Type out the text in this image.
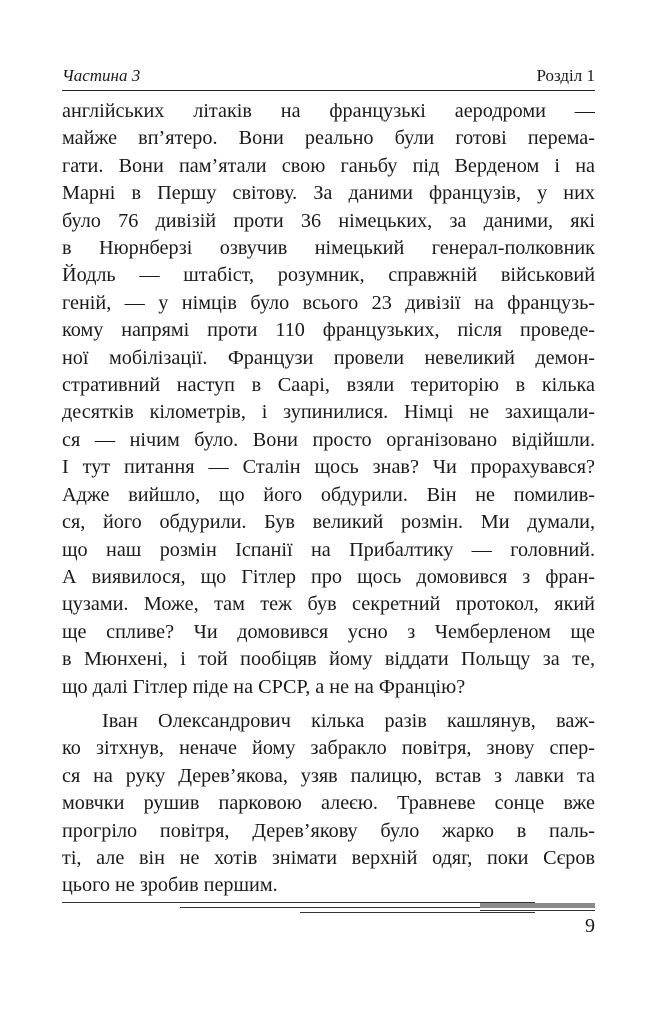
Частина 3	Розділ 1
англійських літаків на французькі аеродроми —
майже вп’ятеро. Вони реально були готові перема-
гати. Вони пам’ятали свою ганьбу під Верденом і на
Марні в Першу світову. За даними французів, у них
було 76 дивізій проти 36 німецьких, за даними, які
в Нюрнберзі озвучив німецький генерал-полковник
Йодль — штабіст, розумник, справжній військовий
геній, — у німців було всього 23 дивізії на французь-
кому напрямі проти 110 французьких, після проведе-
ної мобілізації. Французи провели невеликий демон-
стративний наступ в Саарі, взяли територію в кілька
десятків кілометрів, і зупинилися. Німці не захищали-
ся — нічим було. Вони просто організовано відійшли.
І тут питання — Сталін щось знав? Чи прорахувався?
Адже вийшло, що його обдурили. Він не помилив-
ся, його обдурили. Був великий розмін. Ми думали,
що наш розмін Іспанії на Прибалтику — головний.
А виявилося, що Гітлер про щось домовився з фран-
цузами. Може, там теж був секретний протокол, який
ще спливе? Чи домовився усно з Чемберленом ще
в Мюнхені, і той пообіцяв йому віддати Польщу за те,
що далі Гітлер піде на СРСР, а не на Францію?
Іван Олександрович кілька разів кашлянув, важ-
ко зітхнув, неначе йому забракло повітря, знову спер-
ся на руку Дерев’якова, узяв палицю, встав з лавки та
мовчки рушив парковою алеєю. Травневе сонце вже
прогріло повітря, Дерев’якову було жарко в паль-
ті, але він не хотів знімати верхній одяг, поки Сєров
цього не зробив першим.
9
